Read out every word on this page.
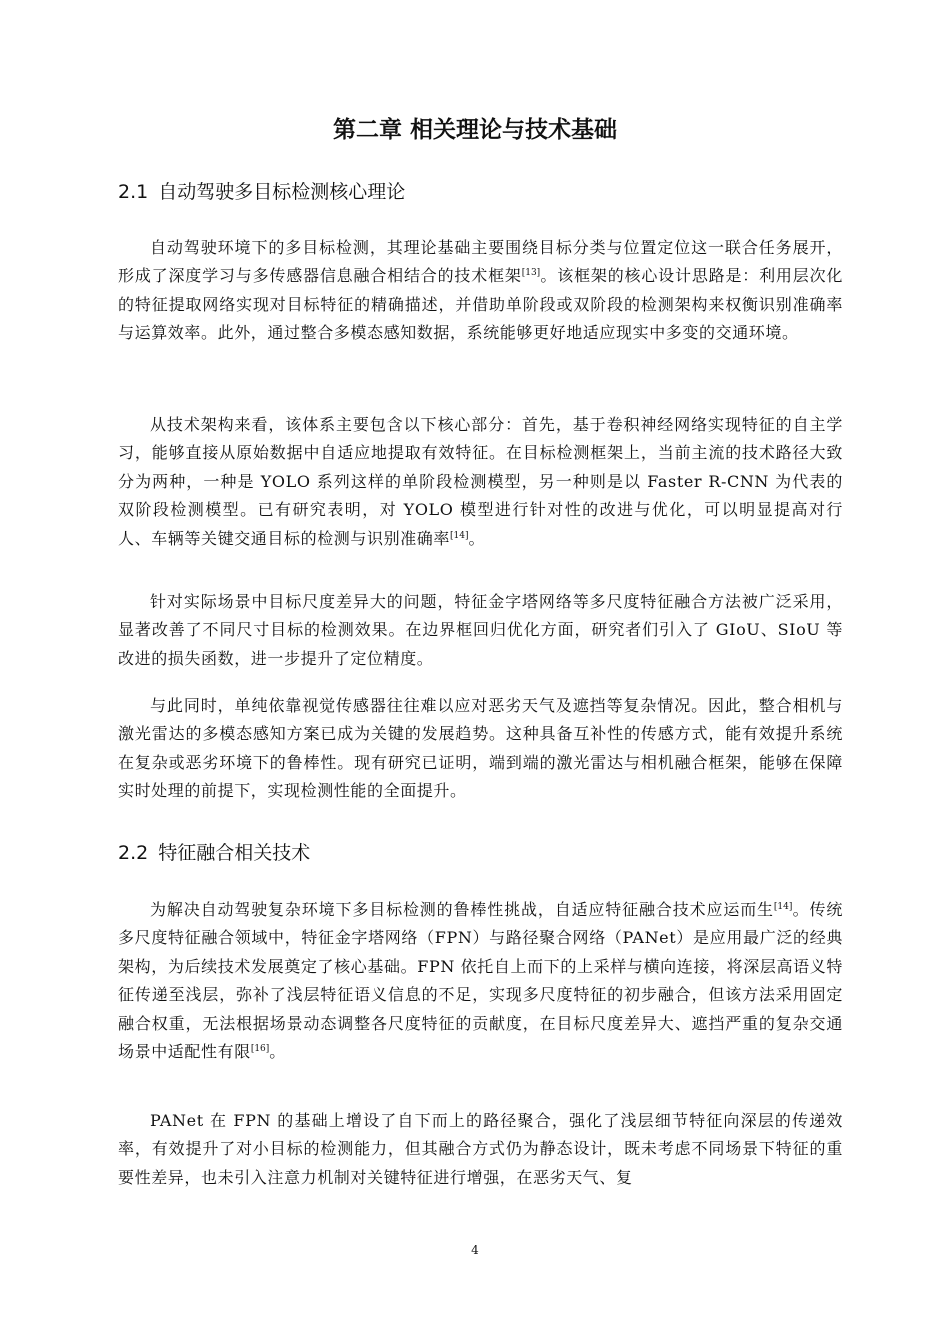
第二章 相关理论与技术基础
2.1 自动驾驶多目标检测核心理论

自动驾驶环境下的多目标检测，其理论基础主要围绕目标分类与位置定位这一联合任务展开，形成了深度学习与多传感器信息融合相结合的技术框架[13]。该框架的核心设计思路是：利用层次化的特征提取网络实现对目标特征的精确描述，并借助单阶段或双阶段的检测架构来权衡识别准确率与运算效率。此外，通过整合多模态感知数据，系统能够更好地适应现实中多变的交通环境。

从技术架构来看，该体系主要包含以下核心部分：首先，基于卷积神经网络实现特征的自主学习，能够直接从原始数据中自适应地提取有效特征。在目标检测框架上，当前主流的技术路径大致分为两种，一种是 YOLO 系列这样的单阶段检测模型，另一种则是以 Faster R-CNN 为代表的双阶段检测模型。已有研究表明，对 YOLO 模型进行针对性的改进与优化，可以明显提高对行人、车辆等关键交通目标的检测与识别准确率[14]。

针对实际场景中目标尺度差异大的问题，特征金字塔网络等多尺度特征融合方法被广泛采用，显著改善了不同尺寸目标的检测效果。在边界框回归优化方面，研究者们引入了 GIoU、SIoU 等改进的损失函数，进一步提升了定位精度。

与此同时，单纯依靠视觉传感器往往难以应对恶劣天气及遮挡等复杂情况。因此，整合相机与激光雷达的多模态感知方案已成为关键的发展趋势。这种具备互补性的传感方式，能有效提升系统在复杂或恶劣环境下的鲁棒性。现有研究已证明，端到端的激光雷达与相机融合框架，能够在保障实时处理的前提下，实现检测性能的全面提升。

2.2 特征融合相关技术

为解决自动驾驶复杂环境下多目标检测的鲁棒性挑战，自适应特征融合技术应运而生[14]。传统多尺度特征融合领域中，特征金字塔网络（FPN）与路径聚合网络（PANet）是应用最广泛的经典架构，为后续技术发展奠定了核心基础。FPN 依托自上而下的上采样与横向连接，将深层高语义特征传递至浅层，弥补了浅层特征语义信息的不足，实现多尺度特征的初步融合，但该方法采用固定融合权重，无法根据场景动态调整各尺度特征的贡献度，在目标尺度差异大、遮挡严重的复杂交通场景中适配性有限[16]。

PANet 在 FPN 的基础上增设了自下而上的路径聚合，强化了浅层细节特征向深层的传递效率，有效提升了对小目标的检测能力，但其融合方式仍为静态设计，既未考虑不同场景下特征的重要性差异，也未引入注意力机制对关键特征进行增强，在恶劣天气、复

4
